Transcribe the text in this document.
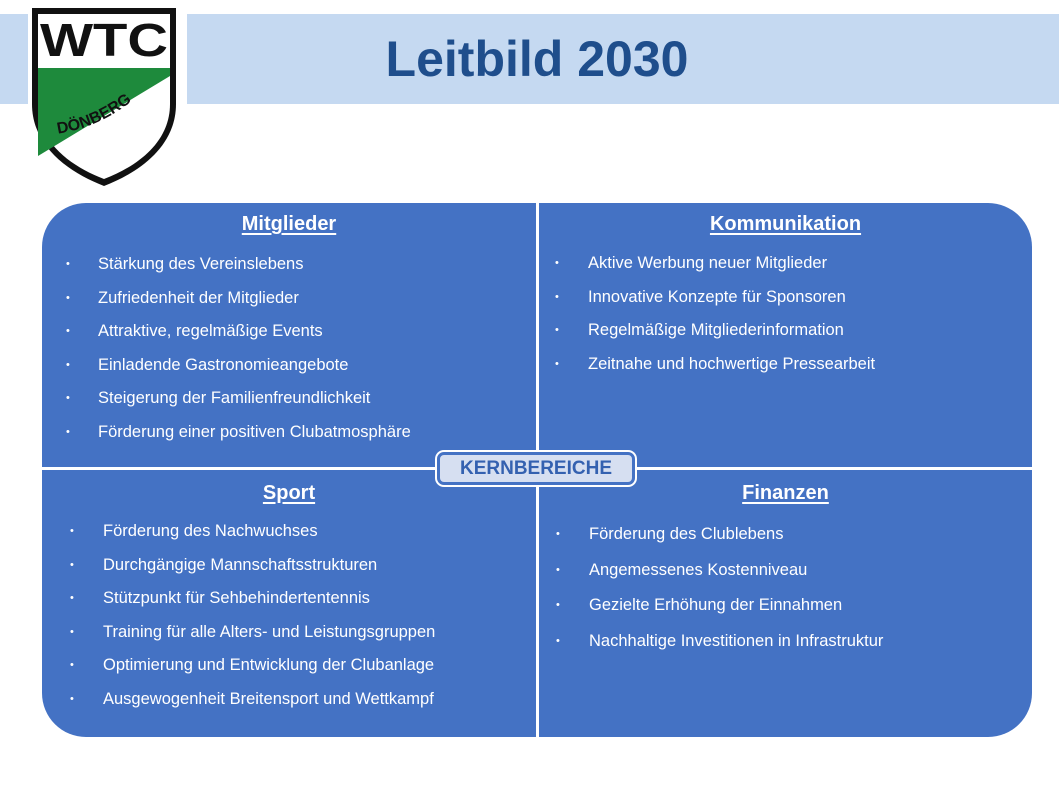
Leitbild 2030
WTC
DÖNBERG
Mitglieder
• Stärkung des Vereinslebens
• Zufriedenheit der Mitglieder
• Attraktive, regelmäßige Events
• Einladende Gastronomieangebote
• Steigerung der Familienfreundlichkeit
• Förderung einer positiven Clubatmosphäre
Kommunikation
• Aktive Werbung neuer Mitglieder
• Innovative Konzepte für Sponsoren
• Regelmäßige Mitgliederinformation
• Zeitnahe und hochwertige Pressearbeit
Sport
• Förderung des Nachwuchses
• Durchgängige Mannschaftsstrukturen
• Stützpunkt für Sehbehindertentennis
• Training für alle Alters- und Leistungsgruppen
• Optimierung und Entwicklung der Clubanlage
• Ausgewogenheit Breitensport und Wettkampf
Finanzen
• Förderung des Clublebens
• Angemessenes Kostenniveau
• Gezielte Erhöhung der Einnahmen
• Nachhaltige Investitionen in Infrastruktur
KERNBEREICHE
